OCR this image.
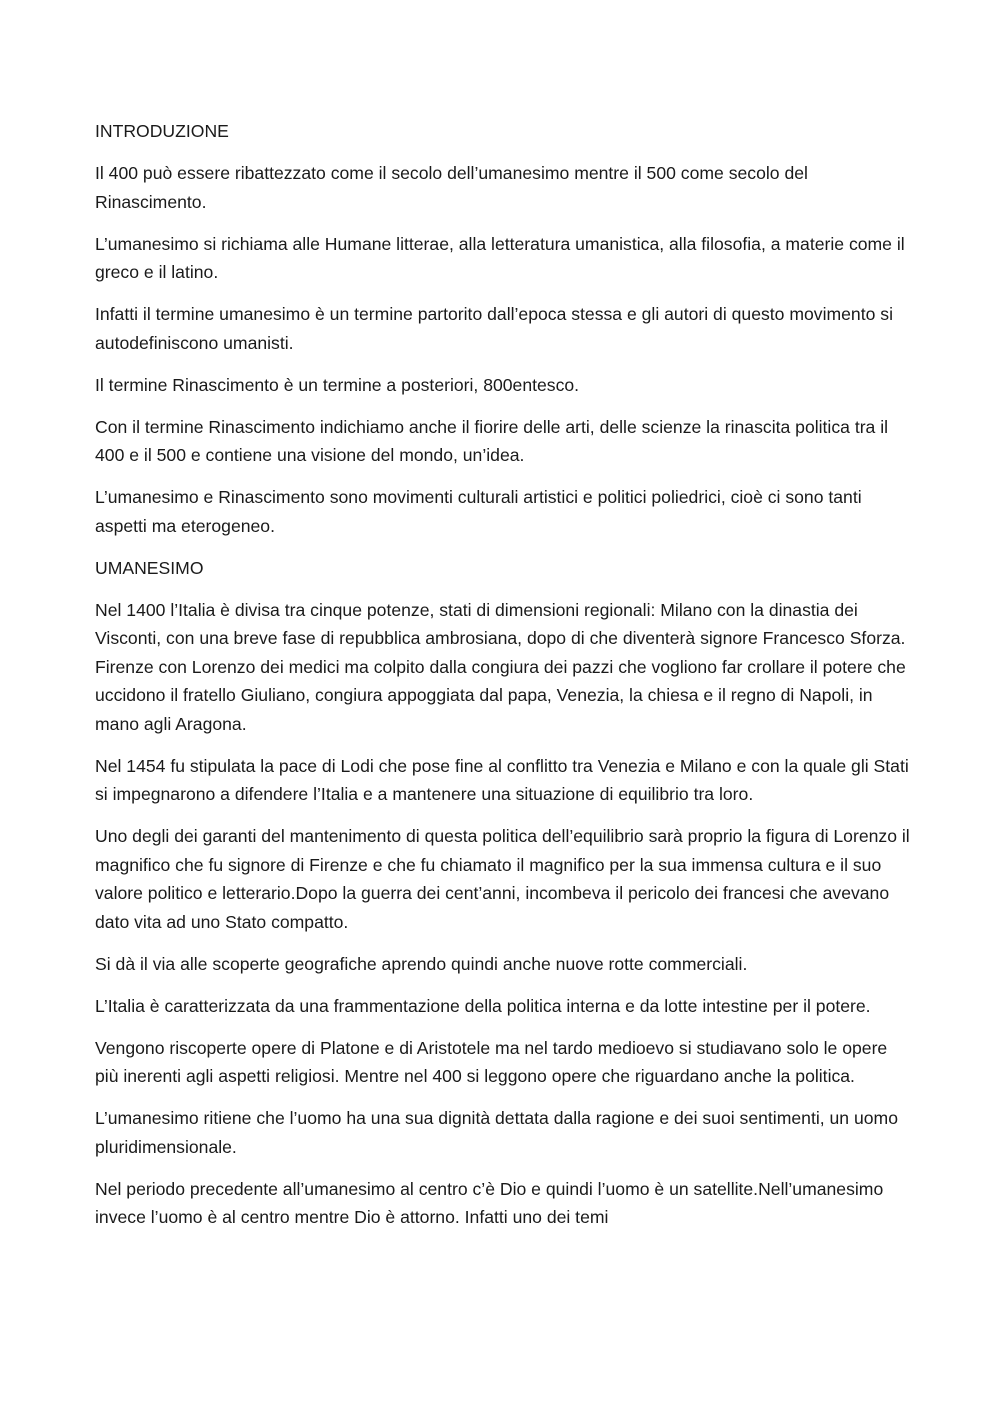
INTRODUZIONE
Il 400 può essere ribattezzato come il secolo dell’umanesimo mentre il 500 come secolo del Rinascimento.
L’umanesimo si richiama alle Humane litterae, alla letteratura umanistica, alla filosofia, a materie come il greco e il latino.
Infatti il termine umanesimo è un termine partorito dall’epoca stessa e gli autori di questo movimento si autodefiniscono umanisti.
Il termine Rinascimento è un termine a posteriori, 800entesco.
Con il termine Rinascimento indichiamo anche il fiorire delle arti, delle scienze la rinascita politica tra il 400 e il 500 e contiene una visione del mondo, un’idea.
L’umanesimo e Rinascimento sono movimenti culturali artistici e politici poliedrici, cioè ci sono tanti aspetti ma eterogeneo.
UMANESIMO
Nel 1400 l’Italia è divisa tra cinque potenze, stati di dimensioni regionali: Milano con la dinastia dei Visconti, con una breve fase di repubblica ambrosiana, dopo di che diventerà signore Francesco Sforza. Firenze con Lorenzo dei medici ma colpito dalla congiura dei pazzi che vogliono far crollare il potere che uccidono il fratello Giuliano, congiura appoggiata dal papa, Venezia, la chiesa e il regno di Napoli, in mano agli Aragona.
Nel 1454 fu stipulata la pace di Lodi che pose fine al conflitto tra Venezia e Milano e con la quale gli Stati si impegnarono a difendere l’Italia e a mantenere una situazione di equilibrio tra loro.
Uno degli dei garanti del mantenimento di questa politica dell’equilibrio sarà proprio la figura di Lorenzo il magnifico che fu signore di Firenze e che fu chiamato il magnifico per la sua immensa cultura e il suo valore politico e letterario.Dopo la guerra dei cent’anni, incombeva il pericolo dei francesi che avevano dato vita ad uno Stato compatto.
Si dà il via alle scoperte geografiche aprendo quindi anche nuove rotte commerciali.
L’Italia è caratterizzata da una frammentazione della politica interna e da lotte intestine per il potere.
Vengono riscoperte opere di Platone e di Aristotele ma nel tardo medioevo si studiavano solo le opere più inerenti agli aspetti religiosi. Mentre nel 400 si leggono opere che riguardano anche la politica.
L’umanesimo ritiene che l’uomo ha una sua dignità dettata dalla ragione e dei suoi sentimenti, un uomo pluridimensionale.
Nel periodo precedente all’umanesimo al centro c’è Dio e quindi l’uomo è un satellite.Nell’umanesimo invece l’uomo è al centro mentre Dio è attorno. Infatti uno dei temi
